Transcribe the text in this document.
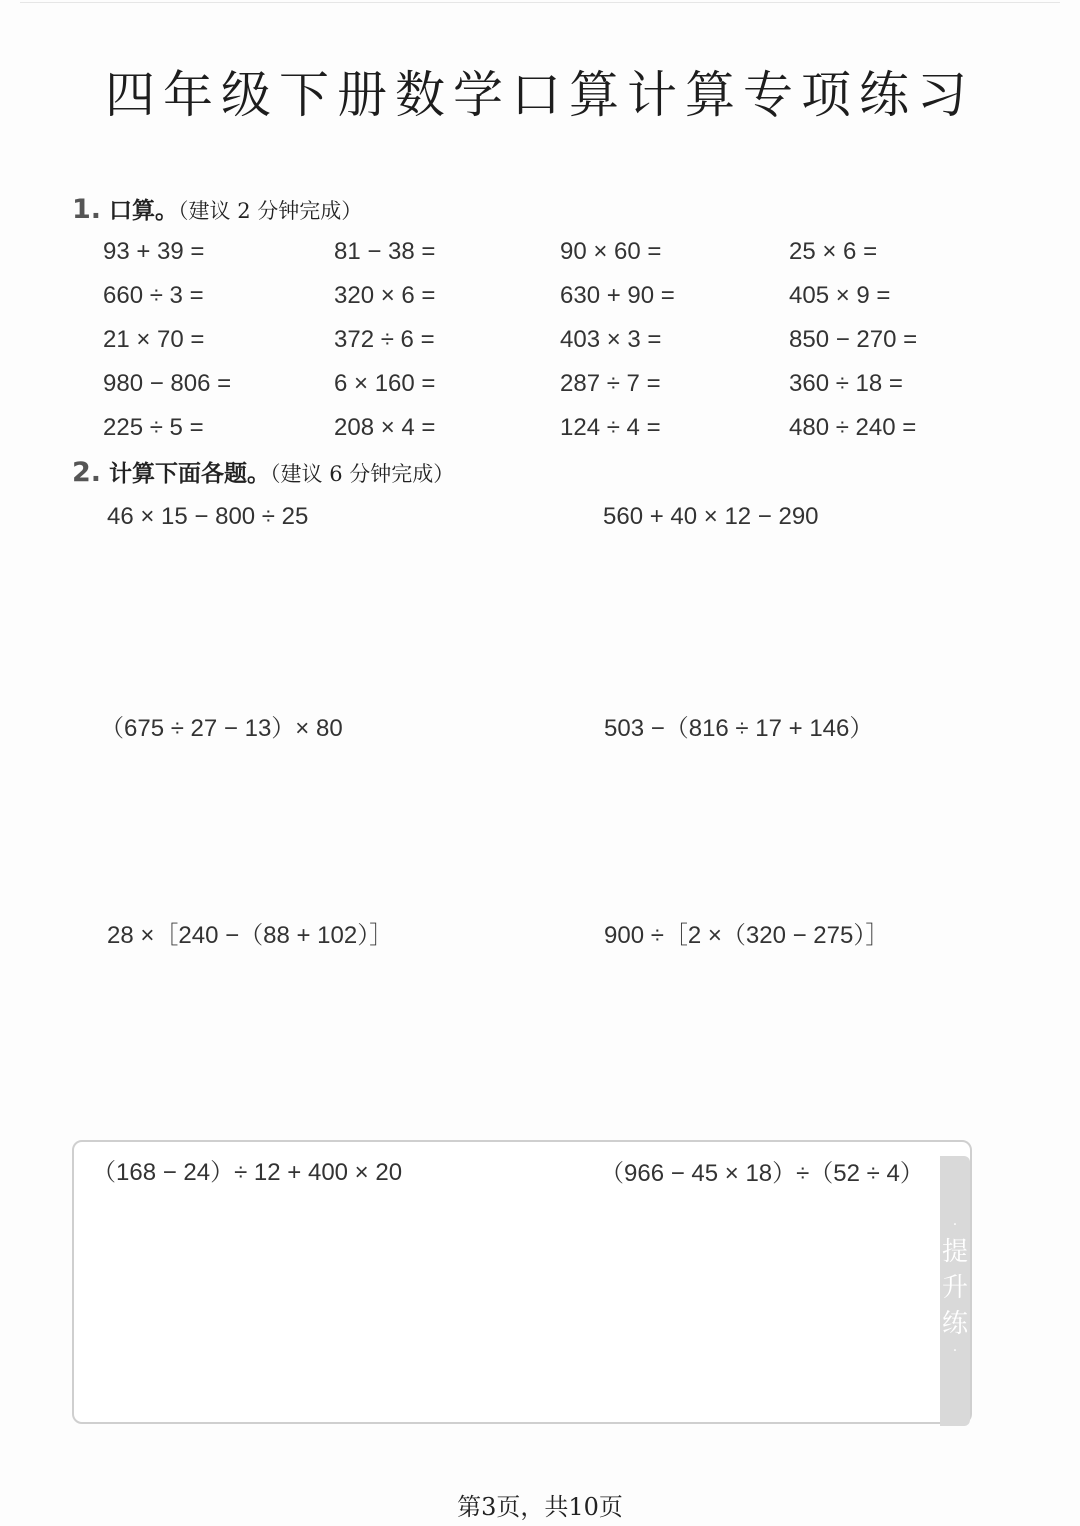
四年级下册数学口算计算专项练习
1. 口算。（建议 2 分钟完成）
93 + 39 =	81 − 38 =	90 × 60 =	25 × 6 =
660 ÷ 3 =	320 × 6 =	630 + 90 =	405 × 9 =
21 × 70 =	372 ÷ 6 =	403 × 3 =	850 − 270 =
980 − 806 =	6 × 160 =	287 ÷ 7 =	360 ÷ 18 =
225 ÷ 5 =	208 × 4 =	124 ÷ 4 =	480 ÷ 240 =
2. 计算下面各题。（建议 6 分钟完成）
46 × 15 − 800 ÷ 25	560 + 40 × 12 − 290
（675 ÷ 27 − 13）× 80	503 −（816 ÷ 17 + 146）
28 ×［240 −（88 + 102）］	900 ÷［2 ×（320 − 275）］
（168 − 24）÷ 12 + 400 × 20	（966 − 45 × 18）÷（52 ÷ 4）
·
提
升
练
·
第3页，共10页
